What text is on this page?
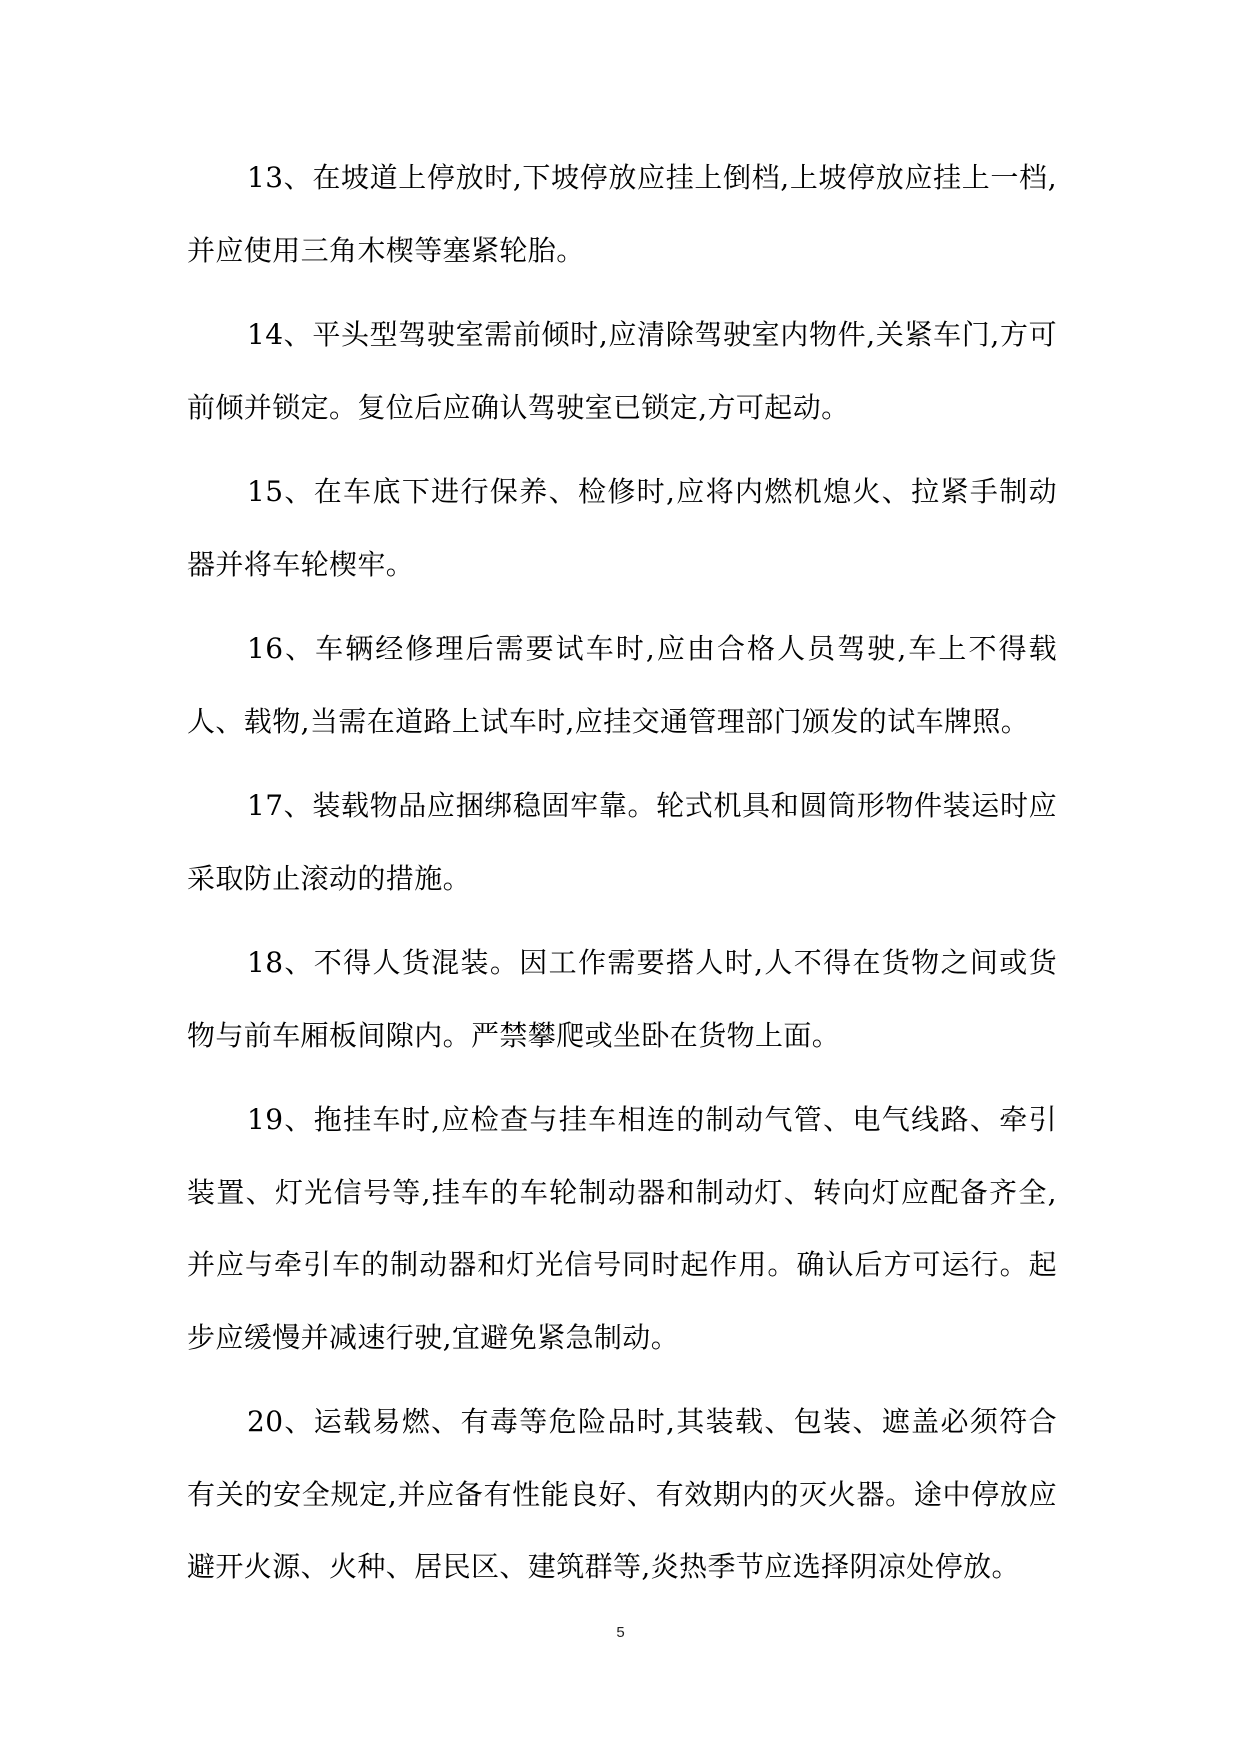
13、在坡道上停放时,下坡停放应挂上倒档,上坡停放应挂上一档,并应使用三角木楔等塞紧轮胎。

14、平头型驾驶室需前倾时,应清除驾驶室内物件,关紧车门,方可前倾并锁定。复位后应确认驾驶室已锁定,方可起动。

15、在车底下进行保养、检修时,应将内燃机熄火、拉紧手制动器并将车轮楔牢。

16、车辆经修理后需要试车时,应由合格人员驾驶,车上不得载人、载物,当需在道路上试车时,应挂交通管理部门颁发的试车牌照。

17、装载物品应捆绑稳固牢靠。轮式机具和圆筒形物件装运时应采取防止滚动的措施。

18、不得人货混装。因工作需要搭人时,人不得在货物之间或货物与前车厢板间隙内。严禁攀爬或坐卧在货物上面。

19、拖挂车时,应检查与挂车相连的制动气管、电气线路、牵引装置、灯光信号等,挂车的车轮制动器和制动灯、转向灯应配备齐全,并应与牵引车的制动器和灯光信号同时起作用。确认后方可运行。起步应缓慢并减速行驶,宜避免紧急制动。

20、运载易燃、有毒等危险品时,其装载、包装、遮盖必须符合有关的安全规定,并应备有性能良好、有效期内的灭火器。途中停放应避开火源、火种、居民区、建筑群等,炎热季节应选择阴凉处停放。

5
